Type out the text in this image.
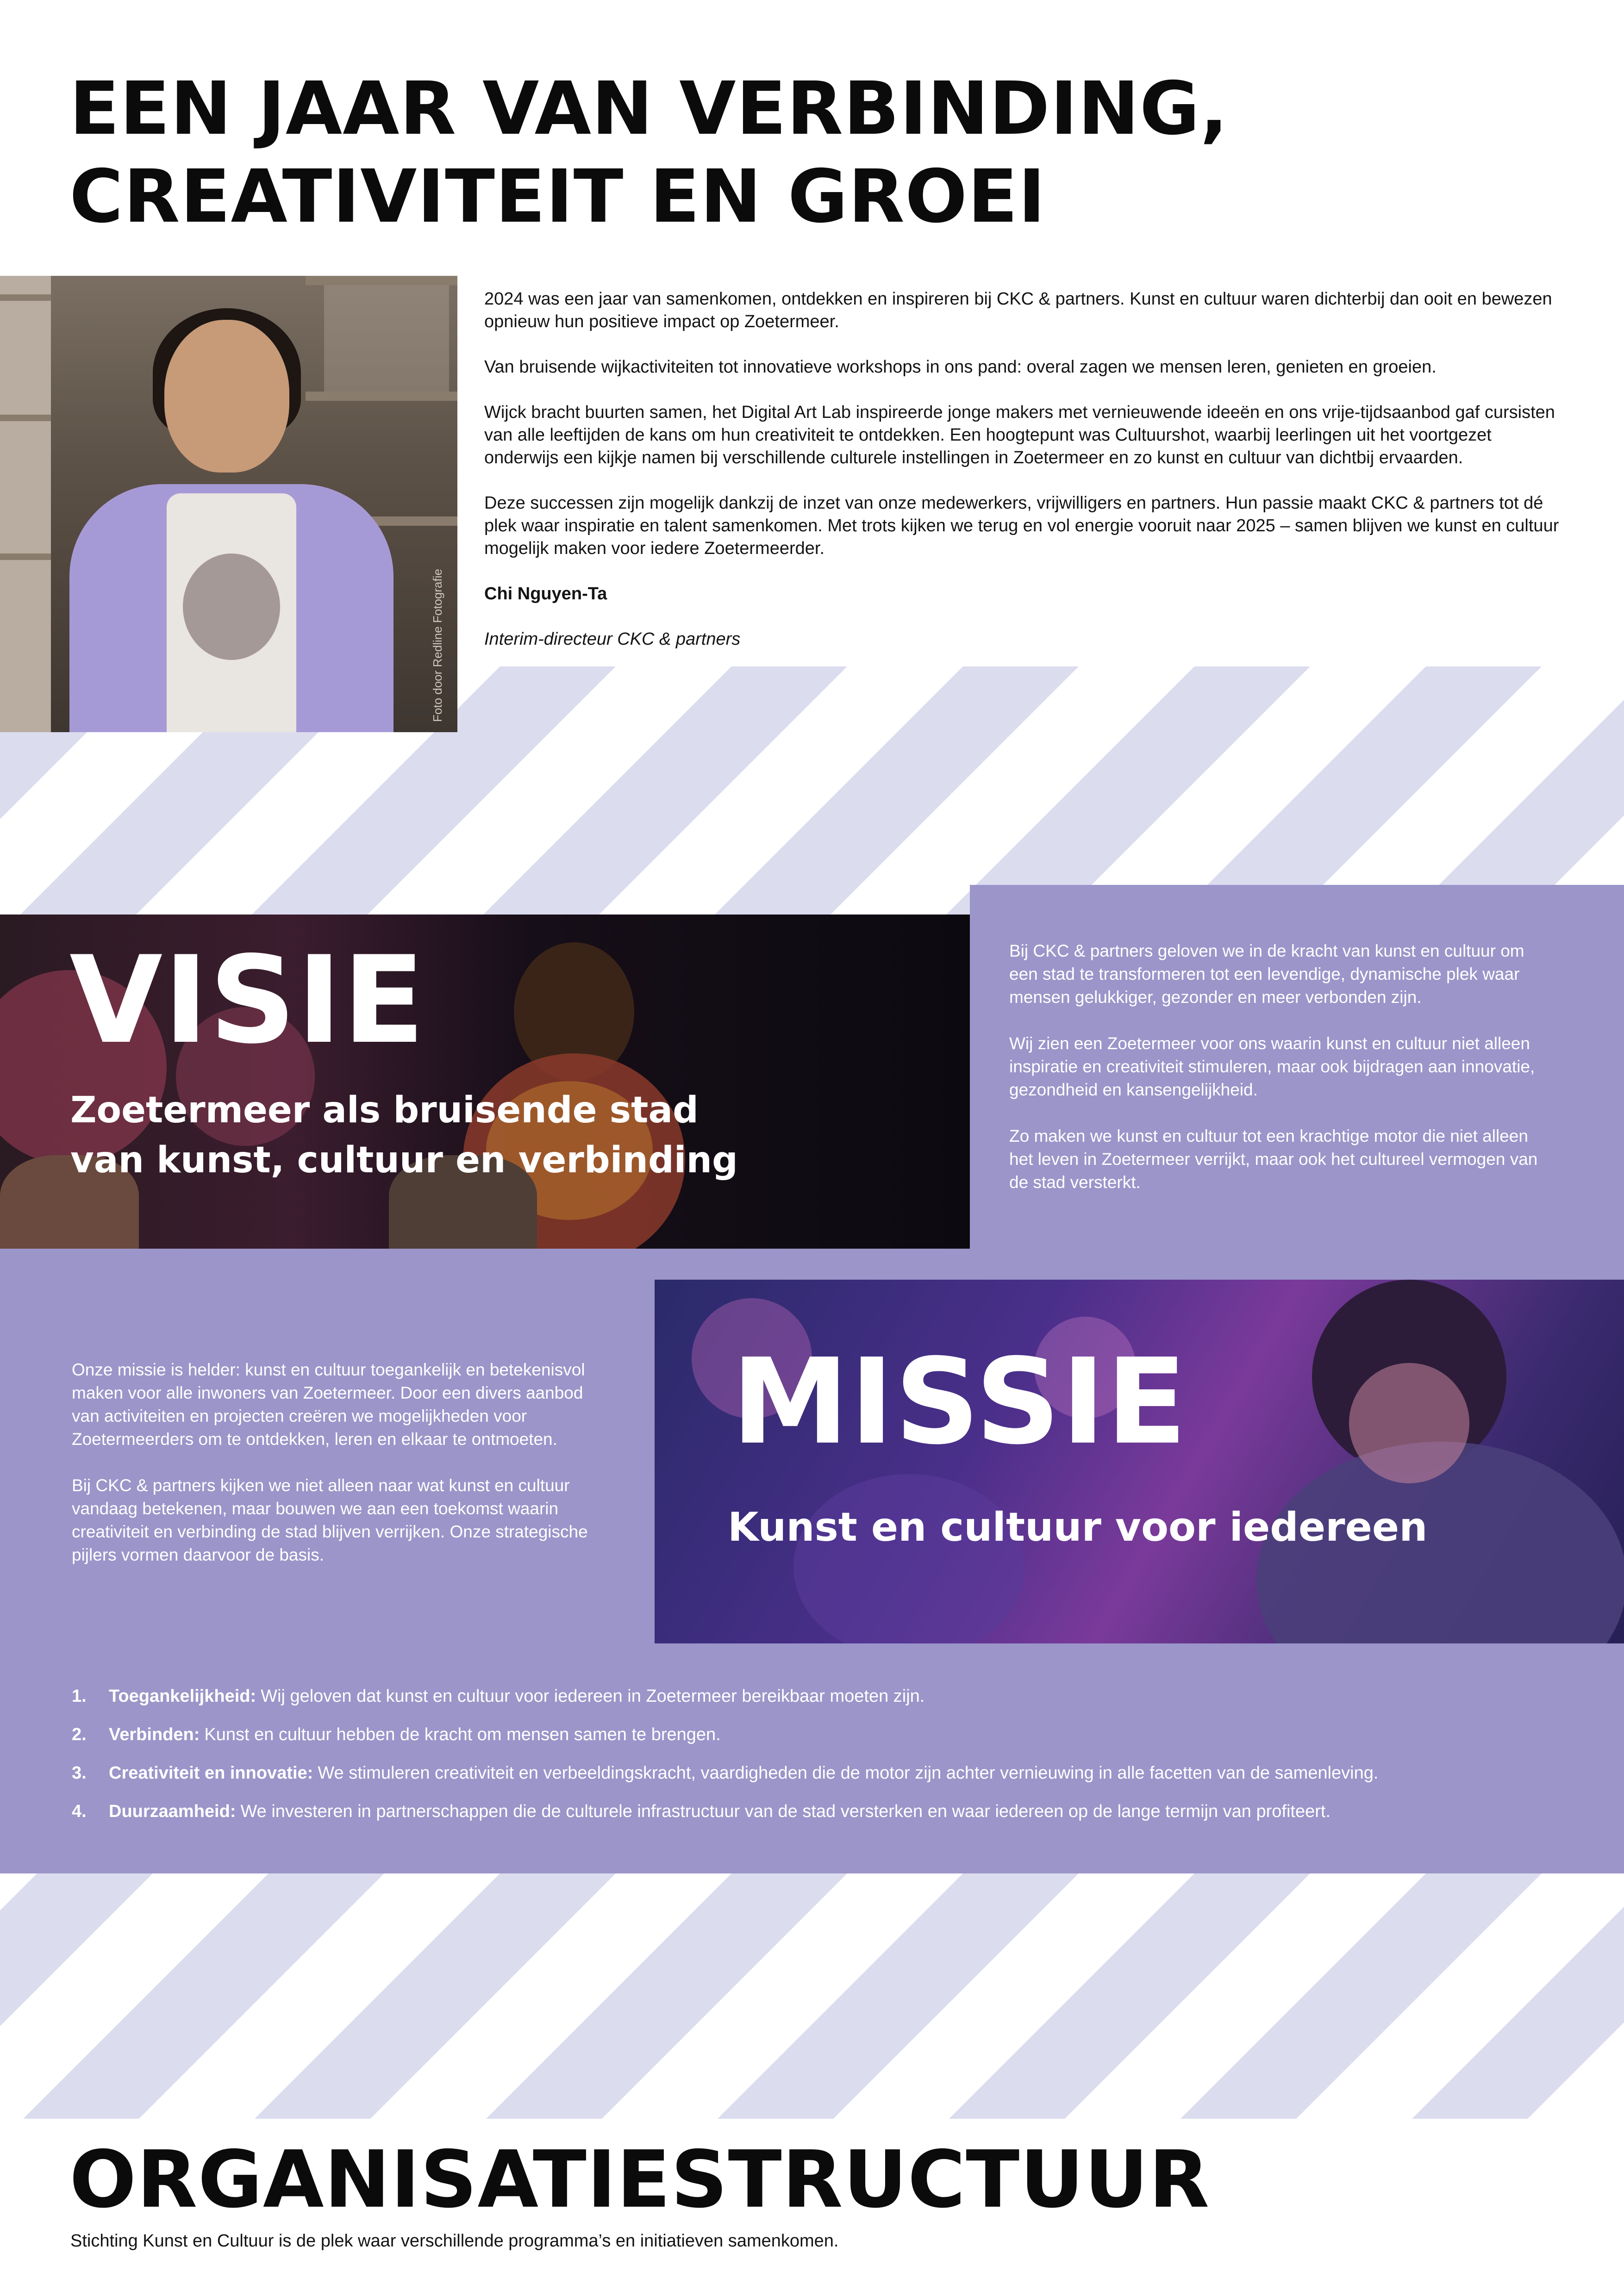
EEN JAAR VAN VERBINDING,
CREATIVITEIT EN GROEI
Foto door Redline Fotografie

2024 was een jaar van samenkomen, ontdekken en inspireren bij CKC & partners. Kunst en cultuur waren dichterbij dan ooit en bewezen opnieuw hun positieve impact op Zoetermeer.

Van bruisende wijkactiviteiten tot innovatieve workshops in ons pand: overal zagen we mensen leren, genieten en groeien.

Wijck bracht buurten samen, het Digital Art Lab inspireerde jonge makers met vernieuwende ideeën en ons vrije-tijdsaanbod gaf cursisten van alle leeftijden de kans om hun creativiteit te ontdekken. Een hoogtepunt was Cultuurshot, waarbij leerlingen uit het voortgezet onderwijs een kijkje namen bij verschillende culturele instellingen in Zoetermeer en zo kunst en cultuur van dichtbij ervaarden.

Deze successen zijn mogelijk dankzij de inzet van onze medewerkers, vrijwilligers en partners. Hun passie maakt CKC & partners tot dé plek waar inspiratie en talent samenkomen. Met trots kijken we terug en vol energie vooruit naar 2025 – samen blijven we kunst en cultuur mogelijk maken voor iedere Zoetermeerder.

Chi Nguyen-Ta

Interim-directeur CKC & partners

VISIE

Zoetermeer als bruisende stad
van kunst, cultuur en verbinding

Bij CKC & partners geloven we in de kracht van kunst en cultuur om een stad te transformeren tot een levendige, dynamische plek waar mensen gelukkiger, gezonder en meer verbonden zijn.

Wij zien een Zoetermeer voor ons waarin kunst en cultuur niet alleen inspiratie en creativiteit stimuleren, maar ook bijdragen aan innovatie, gezondheid en kansengelijkheid.

Zo maken we kunst en cultuur tot een krachtige motor die niet alleen het leven in Zoetermeer verrijkt, maar ook het cultureel vermogen van de stad versterkt.

MISSIE

Kunst en cultuur voor iedereen

Onze missie is helder: kunst en cultuur toegankelijk en betekenisvol maken voor alle inwoners van Zoetermeer. Door een divers aanbod van activiteiten en projecten creëren we mogelijkheden voor Zoetermeerders om te ontdekken, leren en elkaar te ontmoeten.

Bij CKC & partners kijken we niet alleen naar wat kunst en cultuur vandaag betekenen, maar bouwen we aan een toekomst waarin creativiteit en verbinding de stad blijven verrijken. Onze strategische pijlers vormen daarvoor de basis.

1.	Toegankelijkheid: Wij geloven dat kunst en cultuur voor iedereen in Zoetermeer bereikbaar moeten zijn.
2.	Verbinden: Kunst en cultuur hebben de kracht om mensen samen te brengen.
3.	Creativiteit en innovatie: We stimuleren creativiteit en verbeeldingskracht, vaardigheden die de motor zijn achter vernieuwing in alle facetten van de samenleving.
4.	Duurzaamheid: We investeren in partnerschappen die de culturele infrastructuur van de stad versterken en waar iedereen op de lange termijn van profiteert.
ORGANISATIESTRUCTUUR

Stichting Kunst en Cultuur is de plek waar verschillende programma’s en initiatieven samenkomen.
